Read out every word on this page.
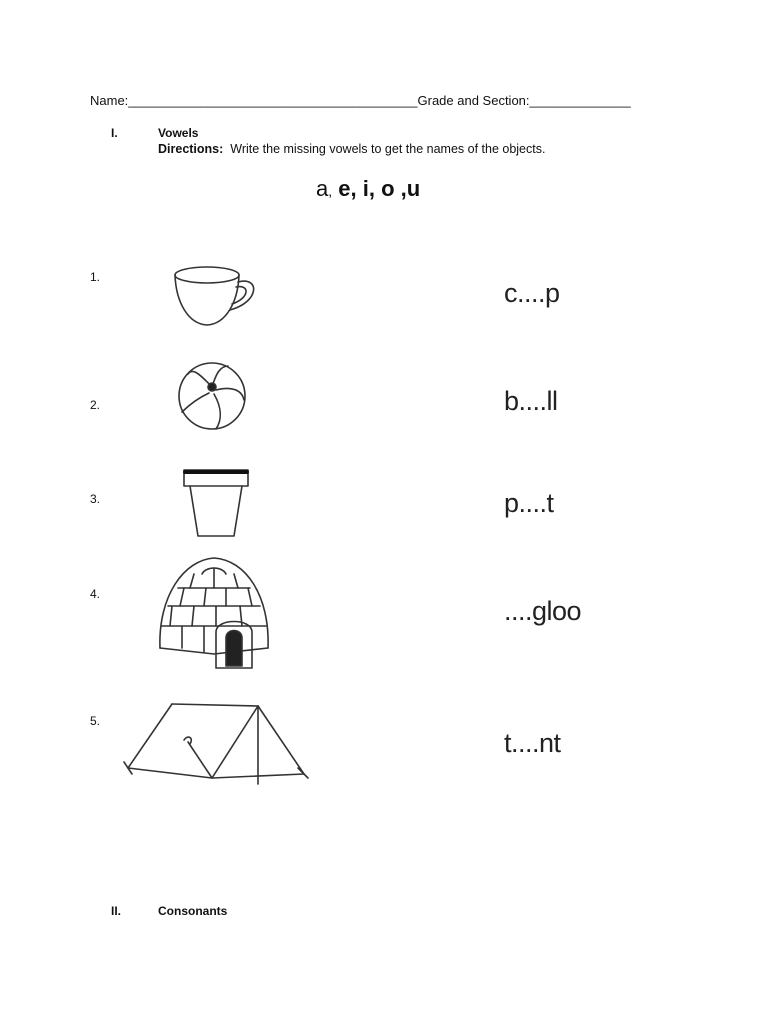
Name:________________________________________Grade and Section:______________
I.	Vowels
Directions: Write the missing vowels to get the names of the objects.
a, e, i, o ,u
1.
c....p
2.	b....ll
3.	p....t
4.
....gloo
5.
t....nt
II.	Consonants
